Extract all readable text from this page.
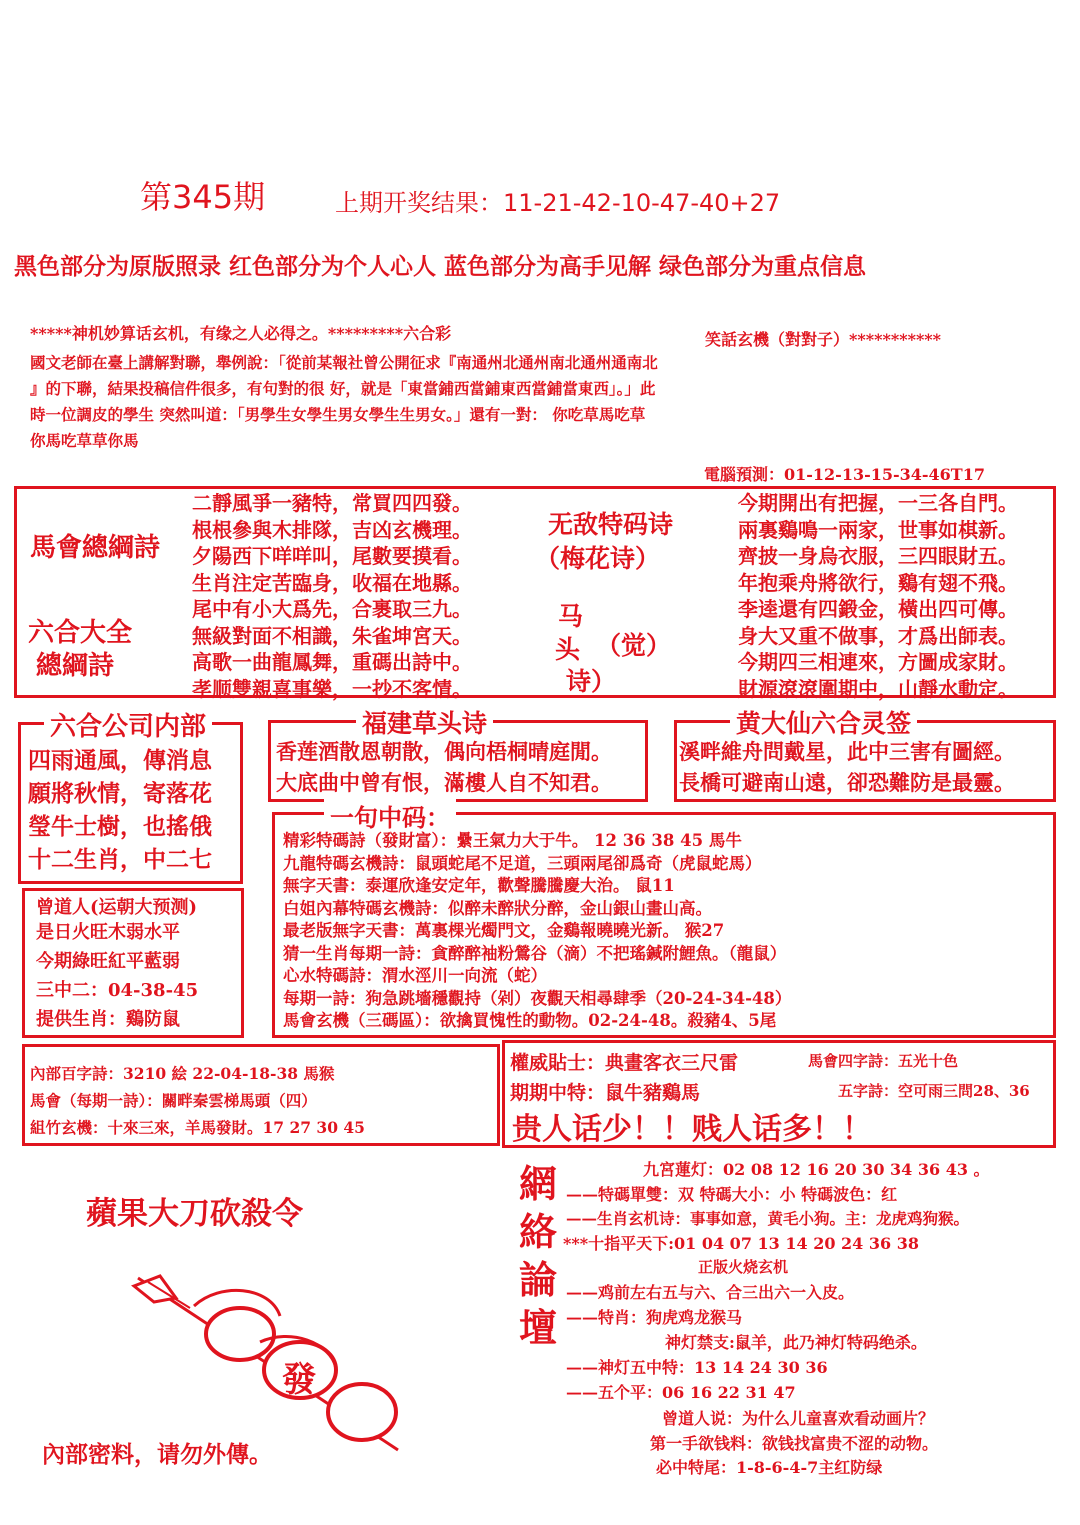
第345期	上期开奖结果：11-21-42-10-47-40+27
黑色部分为原版照录 红色部分为个人心人 蓝色部分为高手见解 绿色部分为重点信息
*****神机妙算话玄机，有缘之人必得之。*********六合彩	笑話玄機（對對子）***********
國文老師在臺上講解對聯，舉例說：「從前某報社曾公開征求『南通州北通州南北通州通南北
』的下聯，結果投稿信件很多，有句對的很 好，就是「東當鋪西當鋪東西當鋪當東西」。」此
時一位調皮的學生 突然叫道：「男學生女學生男女學生生男女。」還有一對： 你吃草馬吃草
你馬吃草草你馬
電腦預測：01-12-13-15-34-46T17
馬會總綱詩
六合大全
總綱詩
二靜風爭一豬特，常買四四發。
根根參與木排隊，吉凶玄機理。
夕陽西下咩咩叫，尾數要摸看。
生肖注定苦臨身，收福在地縣。
尾中有小大爲先，合裹取三九。
無級對面不相識，朱雀坤宮天。
高歌一曲龍鳳舞，重碼出詩中。
孝顺雙親喜事樂，一抄不客情。
无敌特码诗
（梅花诗）
马
头
诗）
（觉）
今期開出有把握，一三各自門。
兩裏鷄鳴一兩家，世事如棋新。
齊披一身烏衣服，三四眼財五。
年抱乘舟將欲行，鷄有翅不飛。
李逵還有四鍛金，橫出四可傳。
身大又重不做事，才爲出師表。
今期四三相連來，方圖成家財。
財源滾滾圍期中，山靜水動定。
六合公司内部
四雨通風，傳消息
願將秋情，寄落花
瑩牛士樹，也搖俄
十二生肖，中二七
福建草头诗
香莲酒散恩朝散，偶向梧桐晴庭閒。
大底曲中曾有恨，滿樓人自不知君。
黄大仙六合灵签
溪畔維舟問戴星，此中三害有圖經。
長橋可避南山遠，卻恐難防是最靈。
曾道人(运朝大预测)
是日火旺木弱水平
今期綠旺紅平藍弱
三中二：04-38-45
提供生肖：鷄防鼠
一句中码：
精彩特碼詩（發財富）：纍王氣力大于牛。 12 36 38 45 馬牛
九龍特碼玄機詩：鼠頭蛇尾不足道，三頭兩尾卻爲奇（虎鼠蛇馬）
無字天書：泰運欣逢安定年，歡聲騰騰慶大治。 鼠11
白姐內幕特碼玄機詩：似醉未醉狀分醉，金山銀山畫山高。
最老版無字天書：萬裏棵光燭門文，金鷄報曉曉光新。 猴27
猜一生肖每期一詩：貪醉醉袖粉鶯谷（滴）不把瑤鍼附鯉魚。（龍鼠）
心水特碼詩：渭水涇川一向流（蛇）
每期一詩：狗急跳墻穩觀持（剁）夜觀天相尋肆季（20-24-34-48）
馬會玄機（三碼區）：欲擒買愧性的動物。02-24-48。殺豬4、5尾
內部百字詩：3210 絵 22-04-18-38 馬猴
馬會（每期一詩）：關畔秦雲梯馬頭（四）
組竹玄機：十來三來，羊馬發財。17 27 30 45
權威貼士：典畫客衣三尺雷	馬會四字詩：五光十色
期期中特：鼠牛豬鷄馬	五字詩：空可雨三問28、36
贵人话少！！贱人话多！！
蘋果大刀砍殺令
發
內部密料，请勿外傳。
網
絡
論
壇
九宮蓮灯：02 08 12 16 20 30 34 36 43 。
——特碼單雙：双 特碼大小：小 特碼波色：红
——生肖玄机诗：事事如意，黄毛小狗。主：龙虎鸡狗猴。
***十指平天下:01 04 07 13 14 20 24 36 38
正版火烧玄机
——鸡前左右五与六、合三出六一入皮。
——特肖：狗虎鸡龙猴马
神灯禁支:鼠羊，此乃神灯特码绝杀。
——神灯五中特：13 14 24 30 36
——五个平：06 16 22 31 47
曾道人说：为什么儿童喜欢看动画片？
第一手欲钱料：欲钱找富贵不涩的动物。
必中特尾：1-8-6-4-7主红防绿
